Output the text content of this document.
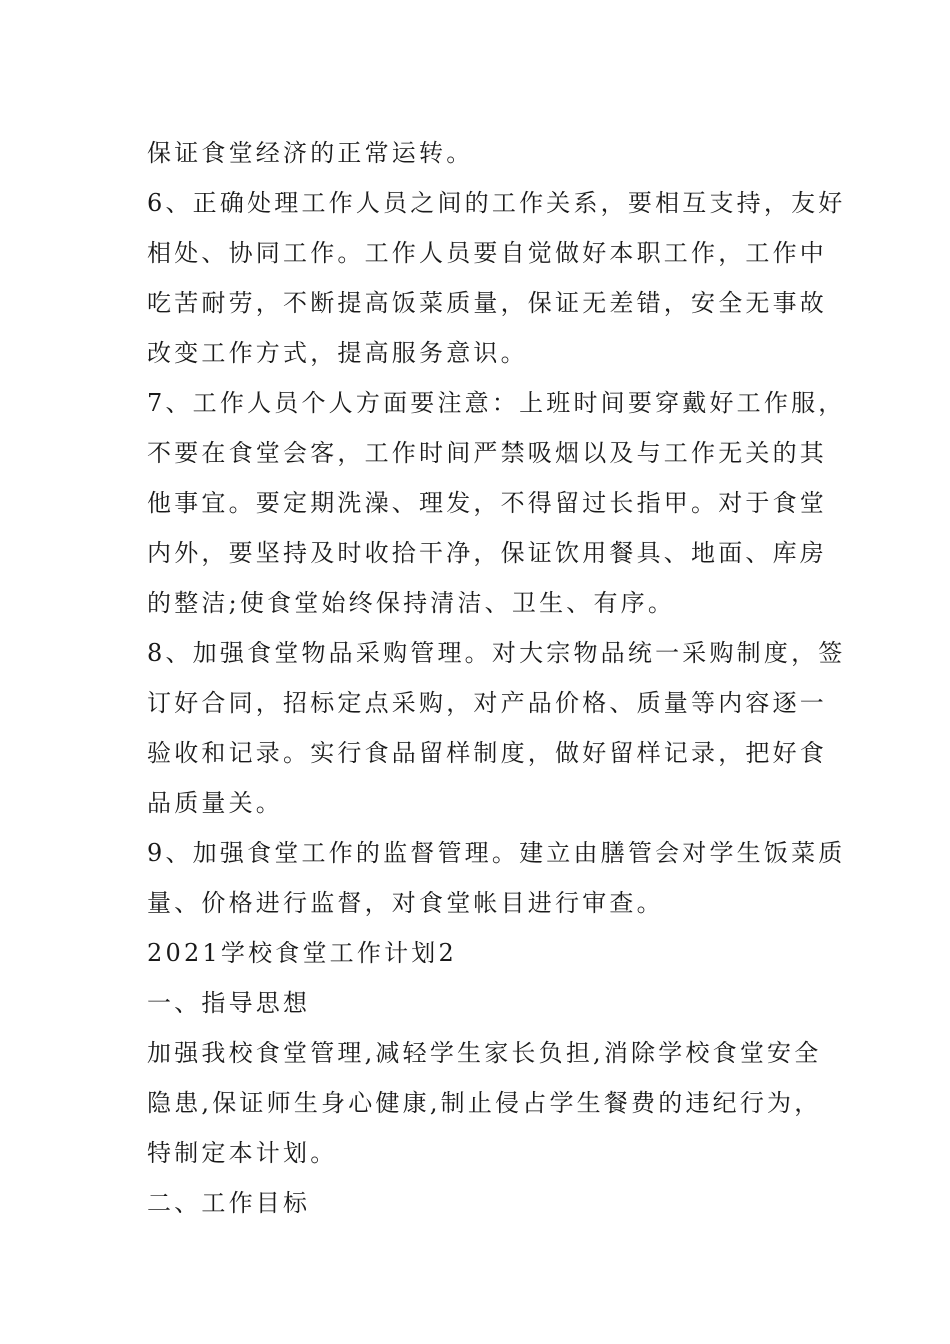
保证食堂经济的正常运转。
6、正确处理工作人员之间的工作关系，要相互支持，友好
相处、协同工作。工作人员要自觉做好本职工作，工作中
吃苦耐劳，不断提高饭菜质量，保证无差错，安全无事故
改变工作方式，提高服务意识。
7、工作人员个人方面要注意：上班时间要穿戴好工作服，
不要在食堂会客，工作时间严禁吸烟以及与工作无关的其
他事宜。要定期洗澡、理发，不得留过长指甲。对于食堂
内外，要坚持及时收拾干净，保证饮用餐具、地面、库房
的整洁;使食堂始终保持清洁、卫生、有序。
8、加强食堂物品采购管理。对大宗物品统一采购制度，签
订好合同，招标定点采购，对产品价格、质量等内容逐一
验收和记录。实行食品留样制度，做好留样记录，把好食
品质量关。
9、加强食堂工作的监督管理。建立由膳管会对学生饭菜质
量、价格进行监督，对食堂帐目进行审查。
2021学校食堂工作计划2
一、指导思想
加强我校食堂管理,减轻学生家长负担,消除学校食堂安全
隐患,保证师生身心健康,制止侵占学生餐费的违纪行为，
特制定本计划。
二、工作目标
